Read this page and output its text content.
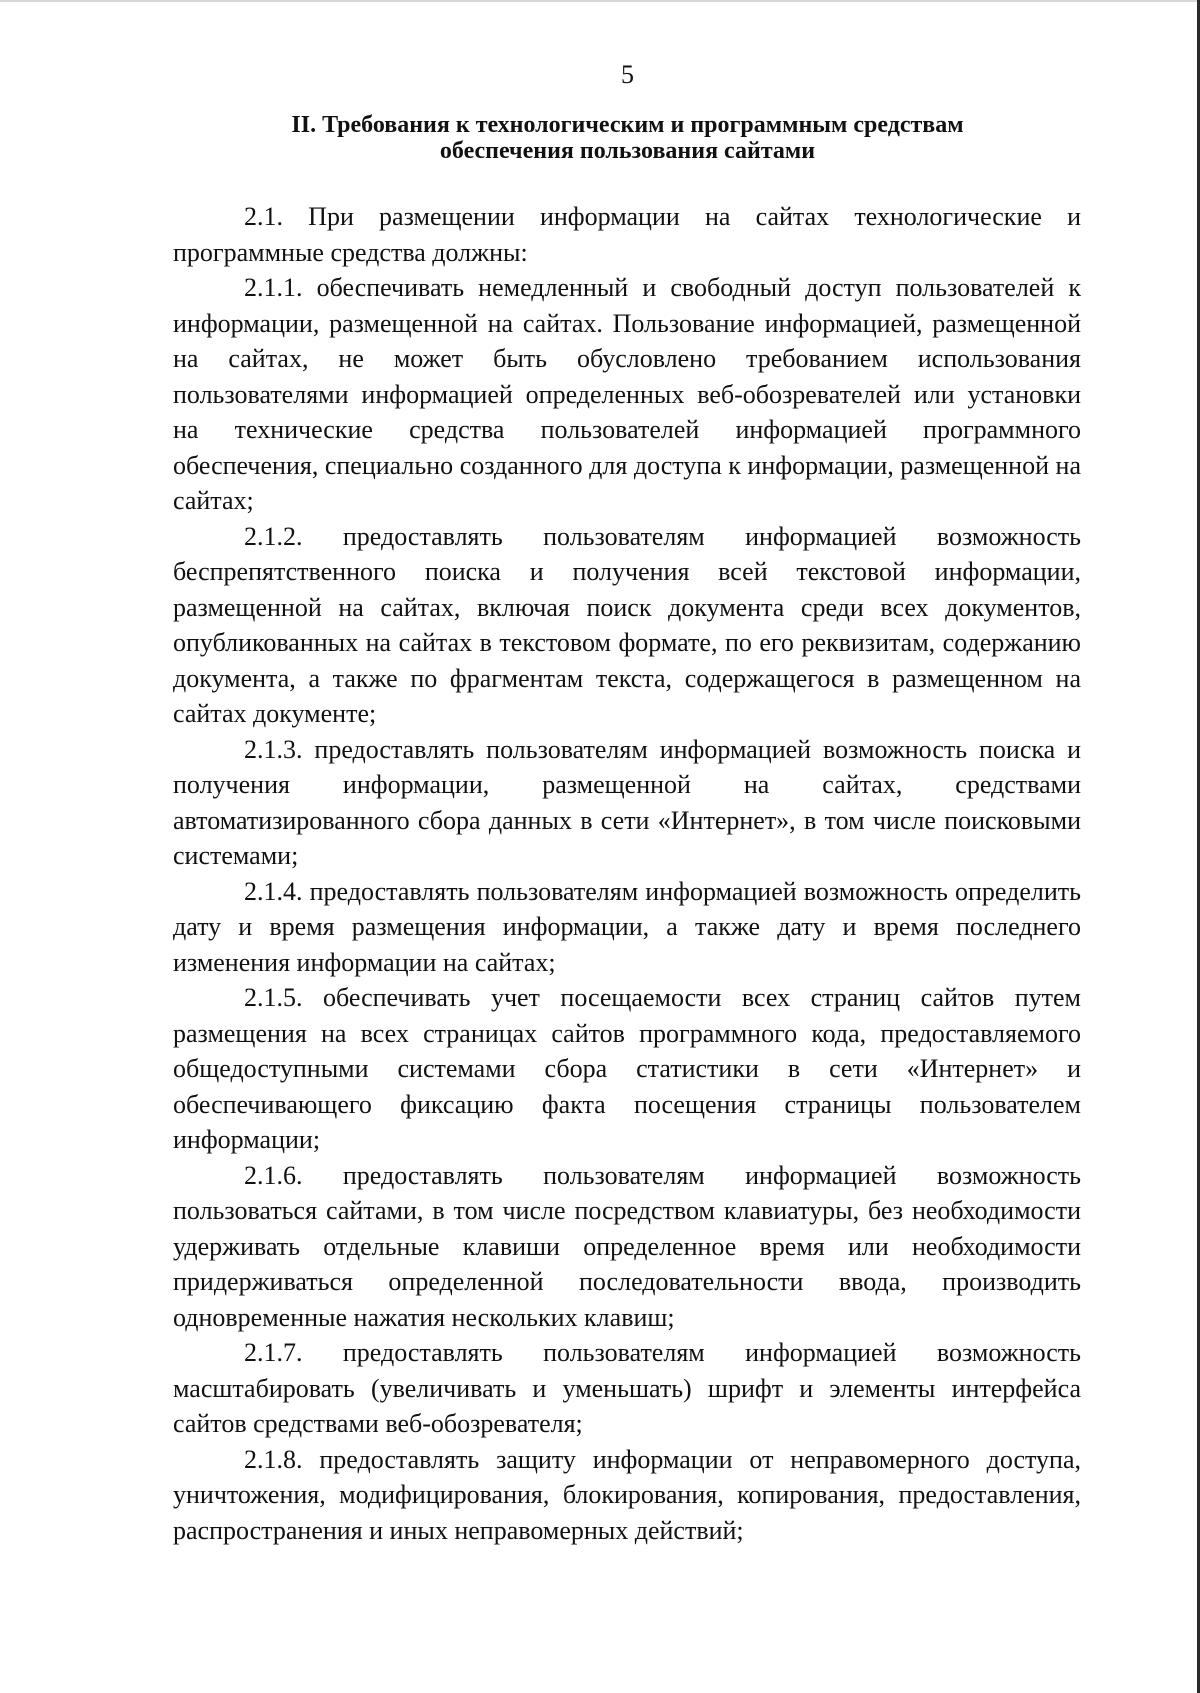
5
II. Требования к технологическим и программным средствам
обеспечения пользования сайтами

2.1. При размещении информации на сайтах технологические и программные средства должны:

2.1.1. обеспечивать немедленный и свободный доступ пользователей к информации, размещенной на сайтах. Пользование информацией, размещенной на сайтах, не может быть обусловлено требованием использования пользователями информацией определенных веб-обозревателей или установки на технические средства пользователей информацией программного обеспечения, специально созданного для доступа к информации, размещенной на сайтах;

2.1.2. предоставлять пользователям информацией возможность беспрепятственного поиска и получения всей текстовой информации, размещенной на сайтах, включая поиск документа среди всех документов, опубликованных на сайтах в текстовом формате, по его реквизитам, содержанию документа, а также по фрагментам текста, содержащегося в размещенном на сайтах документе;

2.1.3. предоставлять пользователям информацией возможность поиска и получения информации, размещенной на сайтах, средствами автоматизированного сбора данных в сети «Интернет», в том числе поисковыми системами;

2.1.4. предоставлять пользователям информацией возможность определить дату и время размещения информации, а также дату и время последнего изменения информации на сайтах;

2.1.5. обеспечивать учет посещаемости всех страниц сайтов путем размещения на всех страницах сайтов программного кода, предоставляемого общедоступными системами сбора статистики в сети «Интернет» и обеспечивающего фиксацию факта посещения страницы пользователем информации;

2.1.6. предоставлять пользователям информацией возможность пользоваться сайтами, в том числе посредством клавиатуры, без необходимости удерживать отдельные клавиши определенное время или необходимости придерживаться определенной последовательности ввода, производить одновременные нажатия нескольких клавиш;

2.1.7. предоставлять пользователям информацией возможность масштабировать (увеличивать и уменьшать) шрифт и элементы интерфейса сайтов средствами веб-обозревателя;

2.1.8. предоставлять защиту информации от неправомерного доступа, уничтожения, модифицирования, блокирования, копирования, предоставления, распространения и иных неправомерных действий;
